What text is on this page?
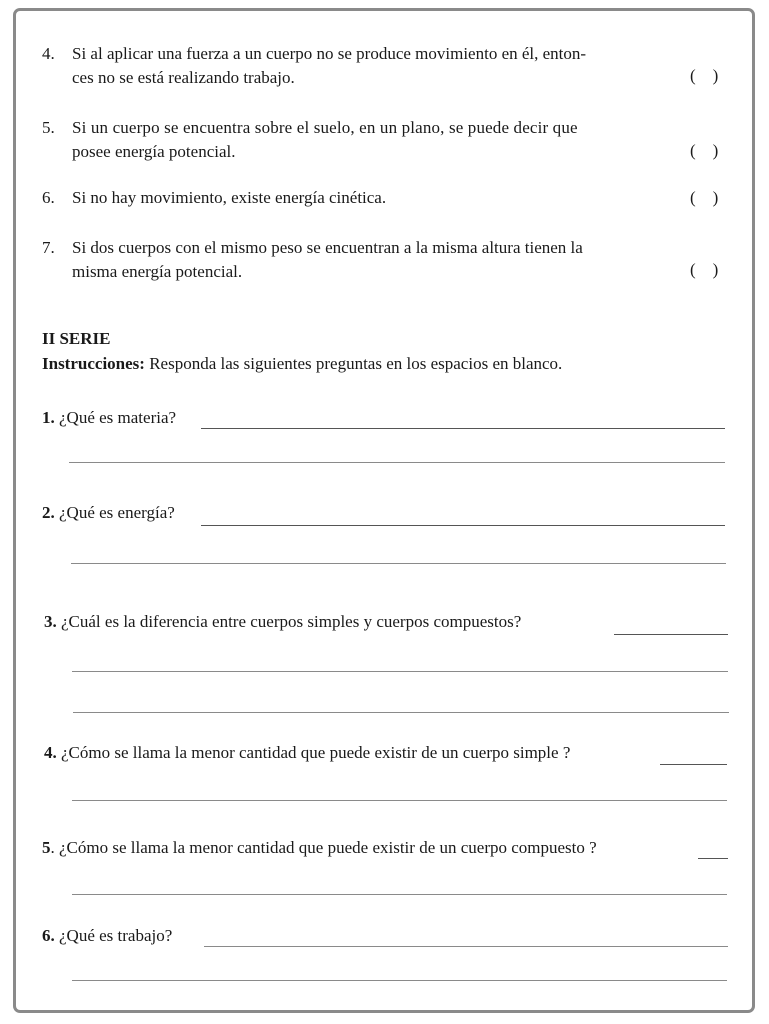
4. Si al aplicar una fuerza a un cuerpo no se produce movimiento en él, enton-
ces no se está realizando trabajo.	( )
5. Si un cuerpo se encuentra sobre el suelo, en un plano, se puede decir que
posee energía potencial.	( )
6. Si no hay movimiento, existe energía cinética.	( )
7. Si dos cuerpos con el mismo peso se encuentran a la misma altura tienen la
misma energía potencial.	( )
II SERIE
Instrucciones: Responda las siguientes preguntas en los espacios en blanco.
1. ¿Qué es materia?
2. ¿Qué es energía?
3. ¿Cuál es la diferencia entre cuerpos simples y cuerpos compuestos?
4. ¿Cómo se llama la menor cantidad que puede existir de un cuerpo simple ?
5. ¿Cómo se llama la menor cantidad que puede existir de un cuerpo compuesto ?
6. ¿Qué es trabajo?
